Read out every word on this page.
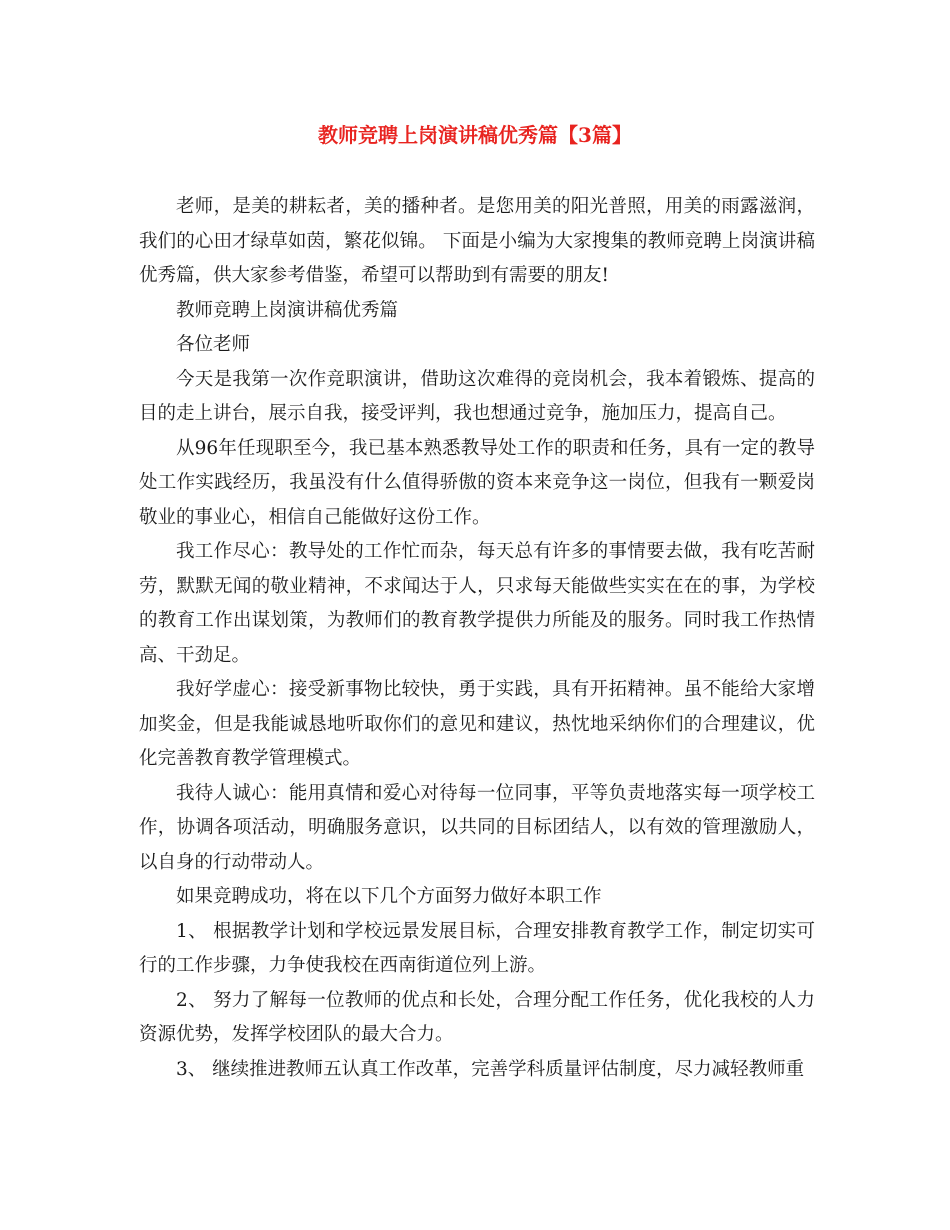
教师竞聘上岗演讲稿优秀篇【3篇】

老师，是美的耕耘者，美的播种者。是您用美的阳光普照，用美的雨露滋润，我们的心田才绿草如茵，繁花似锦。 下面是小编为大家搜集的教师竞聘上岗演讲稿优秀篇，供大家参考借鉴，希望可以帮助到有需要的朋友!

教师竞聘上岗演讲稿优秀篇

各位老师

今天是我第一次作竞职演讲，借助这次难得的竞岗机会，我本着锻炼、提高的目的走上讲台，展示自我，接受评判，我也想通过竞争，施加压力，提高自己。

从96年任现职至今，我已基本熟悉教导处工作的职责和任务，具有一定的教导处工作实践经历，我虽没有什么值得骄傲的资本来竞争这一岗位，但我有一颗爱岗敬业的事业心，相信自己能做好这份工作。

我工作尽心：教导处的工作忙而杂，每天总有许多的事情要去做，我有吃苦耐劳，默默无闻的敬业精神，不求闻达于人，只求每天能做些实实在在的事，为学校的教育工作出谋划策，为教师们的教育教学提供力所能及的服务。同时我工作热情高、干劲足。

我好学虚心：接受新事物比较快，勇于实践，具有开拓精神。虽不能给大家增加奖金，但是我能诚恳地听取你们的意见和建议，热忱地采纳你们的合理建议，优化完善教育教学管理模式。

我待人诚心：能用真情和爱心对待每一位同事，平等负责地落实每一项学校工作，协调各项活动，明确服务意识，以共同的目标团结人，以有效的管理激励人，以自身的行动带动人。

如果竞聘成功，将在以下几个方面努力做好本职工作

1、 根据教学计划和学校远景发展目标，合理安排教育教学工作，制定切实可行的工作步骤，力争使我校在西南街道位列上游。

2、 努力了解每一位教师的优点和长处，合理分配工作任务，优化我校的人力资源优势，发挥学校团队的最大合力。

3、 继续推进教师五认真工作改革，完善学科质量评估制度，尽力减轻教师重
